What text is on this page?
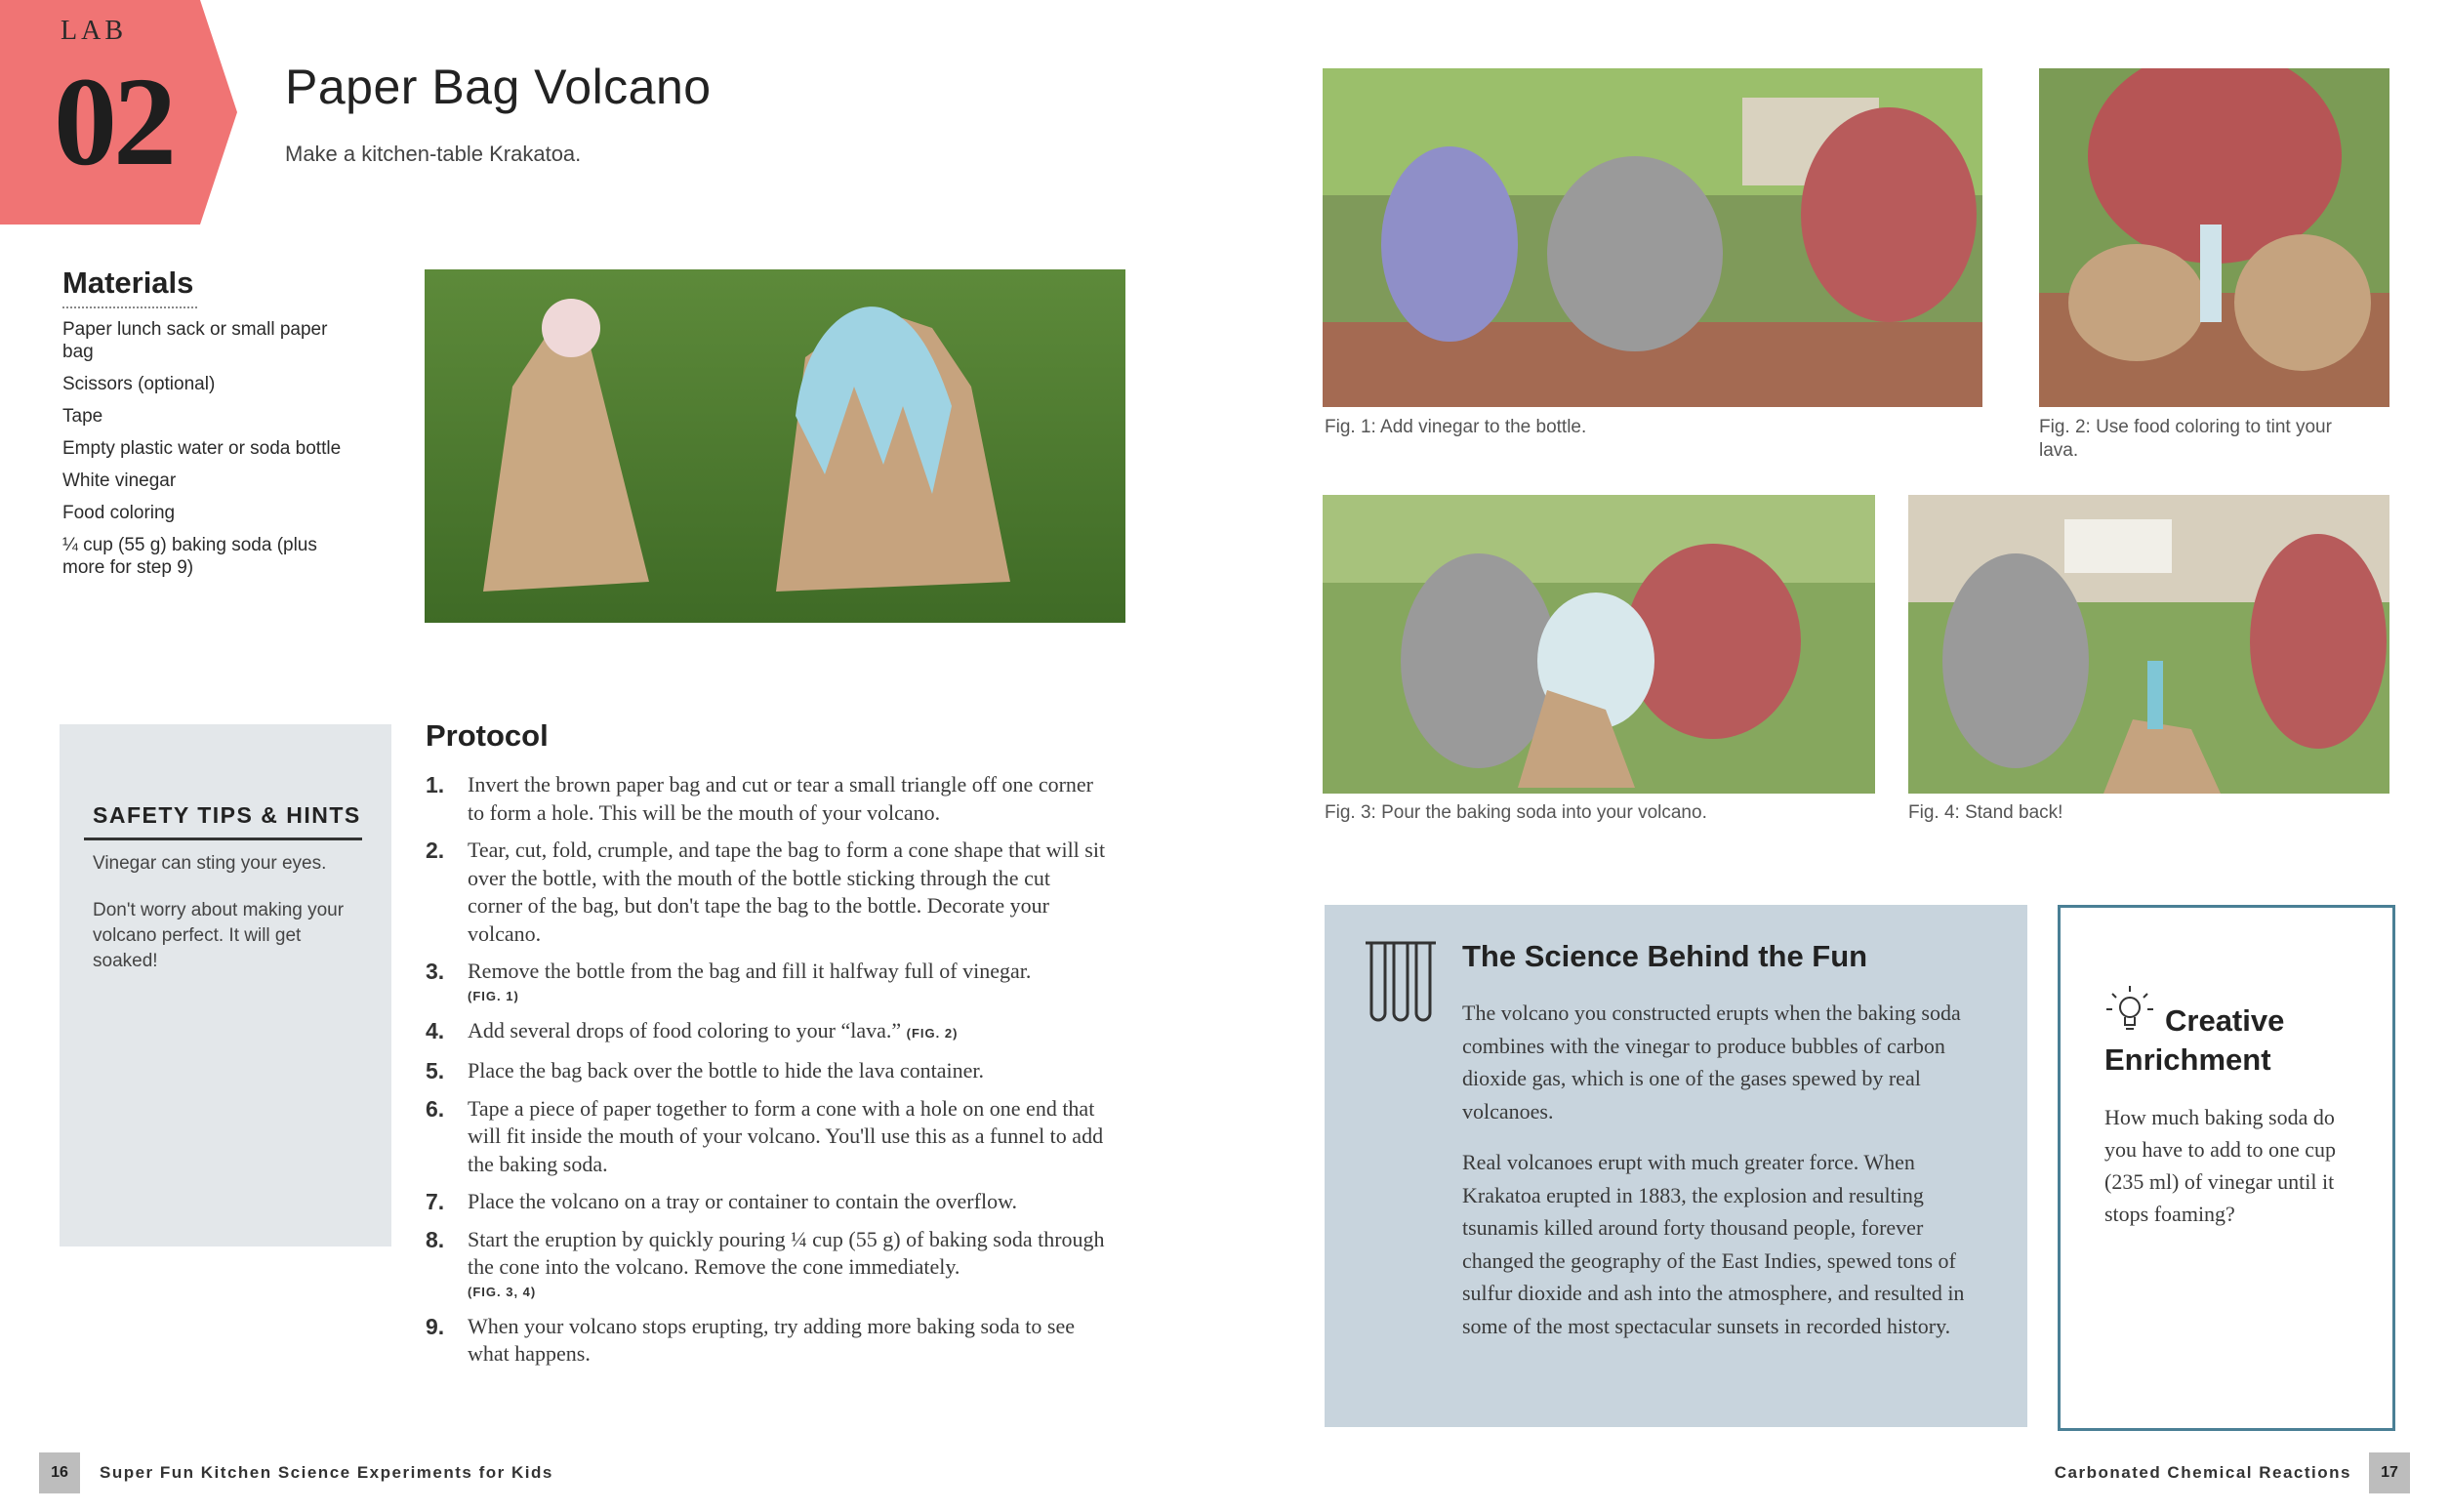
LAB
02 Paper Bag Volcano
Make a kitchen-table Krakatoa.
Materials
Paper lunch sack or small paper bag
Scissors (optional)
Tape
Empty plastic water or soda bottle
White vinegar
Food coloring
¼ cup (55 g) baking soda (plus more for step 9)
SAFETY TIPS & HINTS
Vinegar can sting your eyes.
Don't worry about making your volcano perfect. It will get soaked!
Protocol
1. Invert the brown paper bag and cut or tear a small triangle off one corner to form a hole. This will be the mouth of your volcano.
2. Tear, cut, fold, crumple, and tape the bag to form a cone shape that will sit over the bottle, with the mouth of the bottle sticking through the cut corner of the bag, but don't tape the bag to the bottle. Decorate your volcano.
3. Remove the bottle from the bag and fill it halfway full of vinegar.
(FIG. 1)
4. Add several drops of food coloring to your “lava.” (FIG. 2)
5. Place the bag back over the bottle to hide the lava container.
6. Tape a piece of paper together to form a cone with a hole on one end that will fit inside the mouth of your volcano. You'll use this as a funnel to add the baking soda.
7. Place the volcano on a tray or container to contain the overflow.
8. Start the eruption by quickly pouring ¼ cup (55 g) of baking soda through the cone into the volcano. Remove the cone immediately.
(FIG. 3, 4)
9. When your volcano stops erupting, try adding more baking soda to see what happens.
Fig. 1: Add vinegar to the bottle.	Fig. 2: Use food coloring to tint your lava.
Fig. 3: Pour the baking soda into your volcano.	Fig. 4: Stand back!
The Science Behind the Fun
The volcano you constructed erupts when the baking soda combines with the vinegar to produce bubbles of carbon dioxide gas, which is one of the gases spewed by real volcanoes.
Real volcanoes erupt with much greater force. When Krakatoa erupted in 1883, the explosion and resulting tsunamis killed around forty thousand people, forever changed the geography of the East Indies, spewed tons of sulfur dioxide and ash into the atmosphere, and resulted in some of the most spectacular sunsets in recorded history.
Creative Enrichment
How much baking soda do you have to add to one cup (235 ml) of vinegar until it stops foaming?
16	Super Fun Kitchen Science Experiments for Kids	Carbonated Chemical Reactions	17
